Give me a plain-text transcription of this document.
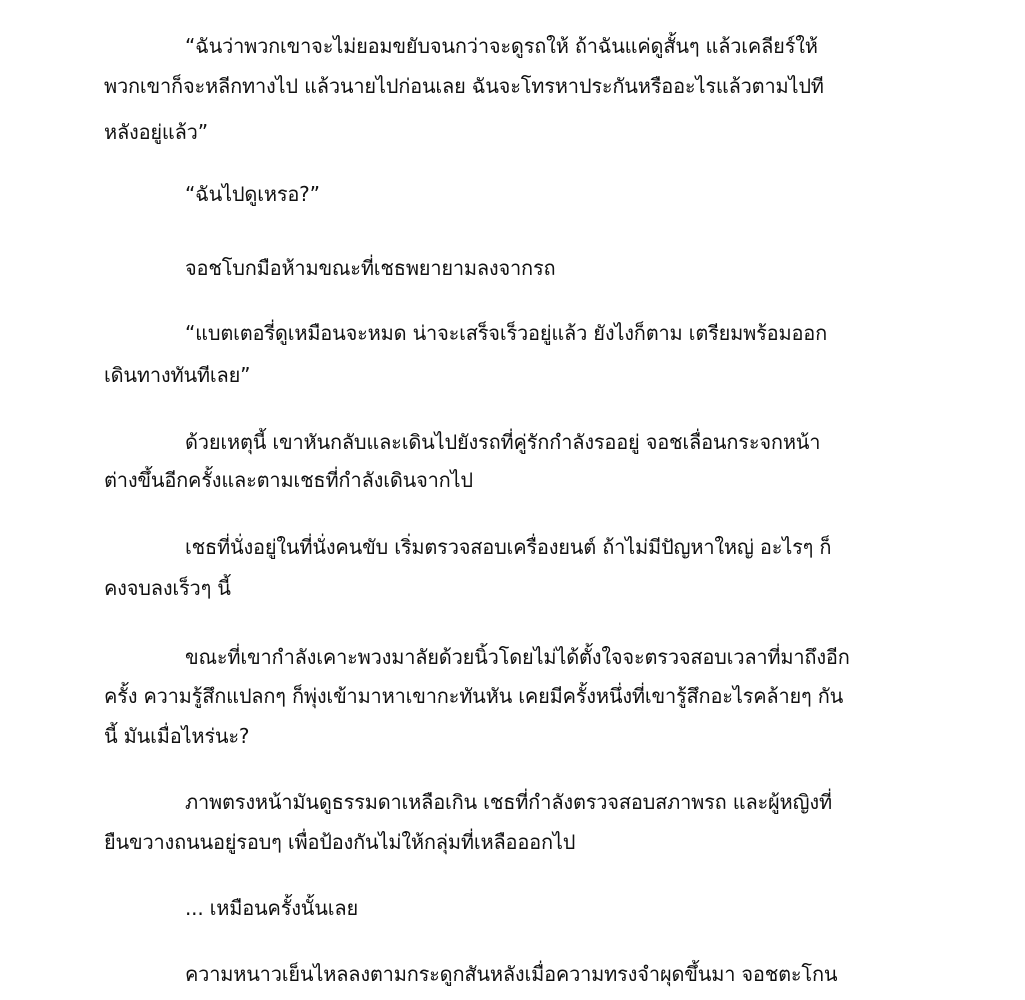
“ฉันว่าพวกเขาจะไม่ยอมขยับจนกว่าจะดูรถให้ ถ้าฉันแค่ดูสั้นๆ แล้วเคลียร์ให้
พวกเขาก็จะหลีกทางไป แล้วนายไปก่อนเลย ฉันจะโทรหาประกันหรืออะไรแล้วตามไปที
หลังอยู่แล้ว”
“ฉันไปดูเหรอ?”
จอชโบกมือห้ามขณะที่เชธพยายามลงจากรถ
“แบตเตอรี่ดูเหมือนจะหมด น่าจะเสร็จเร็วอยู่แล้ว ยังไงก็ตาม เตรียมพร้อมออก
เดินทางทันทีเลย”
ด้วยเหตุนี้ เขาหันกลับและเดินไปยังรถที่คู่รักกำลังรออยู่ จอชเลื่อนกระจกหน้า
ต่างขึ้นอีกครั้งและตามเชธที่กำลังเดินจากไป
เชธที่นั่งอยู่ในที่นั่งคนขับ เริ่มตรวจสอบเครื่องยนต์ ถ้าไม่มีปัญหาใหญ่ อะไรๆ ก็
คงจบลงเร็วๆ นี้
ขณะที่เขากำลังเคาะพวงมาลัยด้วยนิ้วโดยไม่ได้ตั้งใจจะตรวจสอบเวลาที่มาถึงอีก
ครั้ง ความรู้สึกแปลกๆ ก็พุ่งเข้ามาหาเขากะทันหัน เคยมีครั้งหนึ่งที่เขารู้สึกอะไรคล้ายๆ กัน
นี้ มันเมื่อไหร่นะ?
ภาพตรงหน้ามันดูธรรมดาเหลือเกิน เชธที่กำลังตรวจสอบสภาพรถ และผู้หญิงที่
ยืนขวางถนนอยู่รอบๆ เพื่อป้องกันไม่ให้กลุ่มที่เหลือออกไป
... เหมือนครั้งนั้นเลย
ความหนาวเย็นไหลลงตามกระดูกสันหลังเมื่อความทรงจำผุดขึ้นมา จอชตะโกน
